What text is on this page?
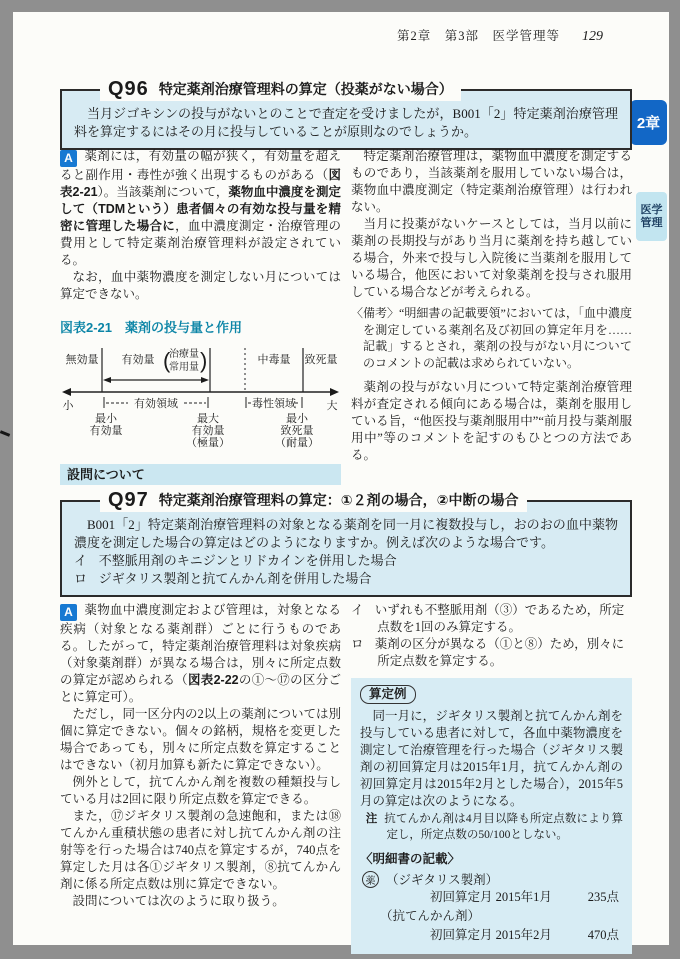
第2章　第3部　医学管理等 129
2章
医学
管理
Q96 特定薬剤治療管理料の算定（投薬がない場合）

当月ジゴキシンの投与がないとのことで査定を受けましたが，B001「2」特定薬剤治療管理料を算定するにはその月に投与していることが原則なのでしょうか。

A 薬剤には，有効量の幅が狭く，有効量を超えると副作用・毒性が強く出現するものがある（図表2-21）。当該薬剤について，薬物血中濃度を測定して（TDMという）患者個々の有効な投与量を精密に管理した場合に，血中濃度測定・治療管理の費用として特定薬剤治療管理料が設定されている。

なお，血中薬物濃度を測定しない月については算定できない。

図表2-21　薬剤の投与量と作用
無効量 有効量 (
治療量
常用量 )	中毒量 致死量
小	大
有効領域	毒性領域
最小
有効量
最大
有効量
（極量）
最小
致死量
（耐量）
設問について

特定薬剤治療管理は，薬物血中濃度を測定するものであり，当該薬剤を服用していない場合は，薬物血中濃度測定（特定薬剤治療管理）は行われない。

当月に投薬がないケースとしては，当月以前に薬剤の長期投与があり当月に薬剤を持ち越している場合，外来で投与し入院後に当薬剤を服用している場合，他医において対象薬剤を投与され服用している場合などが考えられる。

〈備考〉“明細書の記載要領”においては，「血中濃度を測定している薬剤名及び初回の算定年月を……記載」するとされ，薬剤の投与がない月についてのコメントの記載は求められていない。

薬剤の投与がない月について特定薬剤治療管理料が査定される傾向にある場合は，薬剤を服用している旨，“他医投与薬剤服用中”“前月投与薬剤服用中”等のコメントを記すのもひとつの方法である。

Q97 特定薬剤治療管理料の算定：①２剤の場合，②中断の場合

B001「2」特定薬剤治療管理料の対象となる薬剤を同一月に複数投与し，おのおの血中薬物濃度を測定した場合の算定はどのようになりますか。例えば次のような場合です。

イ 不整脈用剤のキニジンとリドカインを併用した場合

ロ ジギタリス製剤と抗てんかん剤を併用した場合

A 薬物血中濃度測定および管理は，対象となる疾病（対象となる薬剤群）ごとに行うものである。したがって，特定薬剤治療管理料は対象疾病（対象薬剤群）が異なる場合は，別々に所定点数の算定が認められる（図表2-22の①〜⑰の区分ごとに算定可）。

ただし，同一区分内の2以上の薬剤については別個に算定できない。個々の銘柄，規格を変更した場合であっても，別々に所定点数を算定することはできない（初月加算も新たに算定できない）。

例外として，抗てんかん剤を複数の種類投与している月は2回に限り所定点数を算定できる。

また，⑰ジギタリス製剤の急速飽和，または⑱てんかん重積状態の患者に対し抗てんかん剤の注射等を行った場合は740点を算定するが，740点を算定した月は各①ジギタリス製剤，⑧抗てんかん剤に係る所定点数は別に算定できない。

設問については次のように取り扱う。

イ いずれも不整脈用剤（③）であるため，所定点数を1回のみ算定する。

ロ 薬剤の区分が異なる（①と⑧）ため，別々に所定点数を算定する。

算定例

同一月に，ジギタリス製剤と抗てんかん剤を投与している患者に対して，各血中薬物濃度を測定して治療管理を行った場合（ジギタリス製剤の初回算定月は2015年1月，抗てんかん剤の初回算定月は2015年2月とした場合），2015年5月の算定は次のようになる。

注 抗てんかん剤は4月目以降も所定点数により算定し，所定点数の50/100としない。

〈明細書の記載〉
薬 （ジギタリス製剤）
初回算定月 2015年1月	235点
（抗てんかん剤）
初回算定月 2015年2月	470点
